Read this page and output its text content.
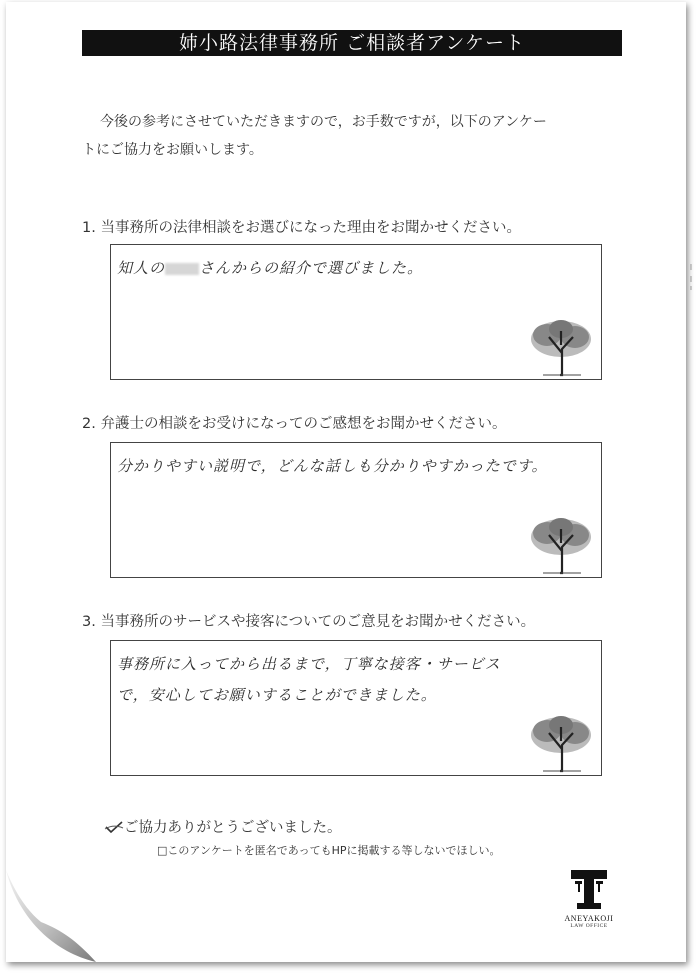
姉小路法律事務所 ご相談者アンケート
今後の参考にさせていただきますので，お手数ですが，以下のアンケー
トにご協力をお願いします。
1. 当事務所の法律相談をお選びになった理由をお聞かせください。
知人の さんからの紹介で選びました。
2. 弁護士の相談をお受けになってのご感想をお聞かせください。
分かりやすい説明で，どんな話しも分かりやすかったです。
3. 当事務所のサービスや接客についてのご意見をお聞かせください。
事務所に入ってから出るまで，丁寧な接客・サービス
で，安心してお願いすることができました。
ご協力ありがとうございました。
□このアンケートを匿名であってもHPに掲載する等しないでほしい。
ANEYAKOJI
LAW OFFICE
